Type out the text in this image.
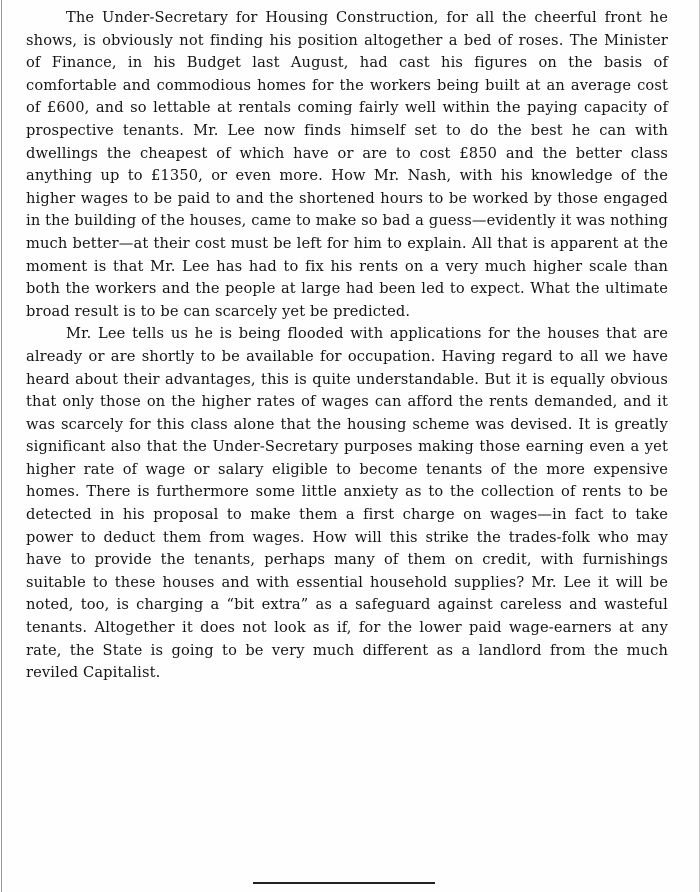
The Under-Secretary for Housing Construction, for all the cheerful front he shows, is obviously not finding his position altogether a bed of roses. The Minister of Finance, in his Budget last August, had cast his figures on the basis of comfortable and commodious homes for the workers being built at an average cost of £600, and so lettable at rentals coming fairly well within the paying capacity of prospective tenants. Mr. Lee now finds himself set to do the best he can with dwellings the cheapest of which have or are to cost £850 and the better class anything up to £1350, or even more. How Mr. Nash, with his knowledge of the higher wages to be paid to and the shortened hours to be worked by those engaged in the building of the houses, came to make so bad a guess—evidently it was nothing much better—at their cost must be left for him to explain. All that is apparent at the moment is that Mr. Lee has had to fix his rents on a very much higher scale than both the workers and the people at large had been led to expect. What the ultimate broad result is to be can scarcely yet be predicted.

Mr. Lee tells us he is being flooded with applications for the houses that are already or are shortly to be available for occupation. Having regard to all we have heard about their advantages, this is quite understandable. But it is equally obvious that only those on the higher rates of wages can afford the rents demanded, and it was scarcely for this class alone that the housing scheme was devised. It is greatly significant also that the Under-Secretary purposes making those earning even a yet higher rate of wage or salary eligible to become tenants of the more expensive homes. There is furthermore some little anxiety as to the collection of rents to be detected in his proposal to make them a first charge on wages—in fact to take power to deduct them from wages. How will this strike the trades-folk who may have to provide the tenants, perhaps many of them on credit, with furnishings suitable to these houses and with essential household supplies? Mr. Lee it will be noted, too, is charging a “bit extra” as a safeguard against careless and wasteful tenants. Altogether it does not look as if, for the lower paid wage-earners at any rate, the State is going to be very much different as a landlord from the much reviled Capitalist.
